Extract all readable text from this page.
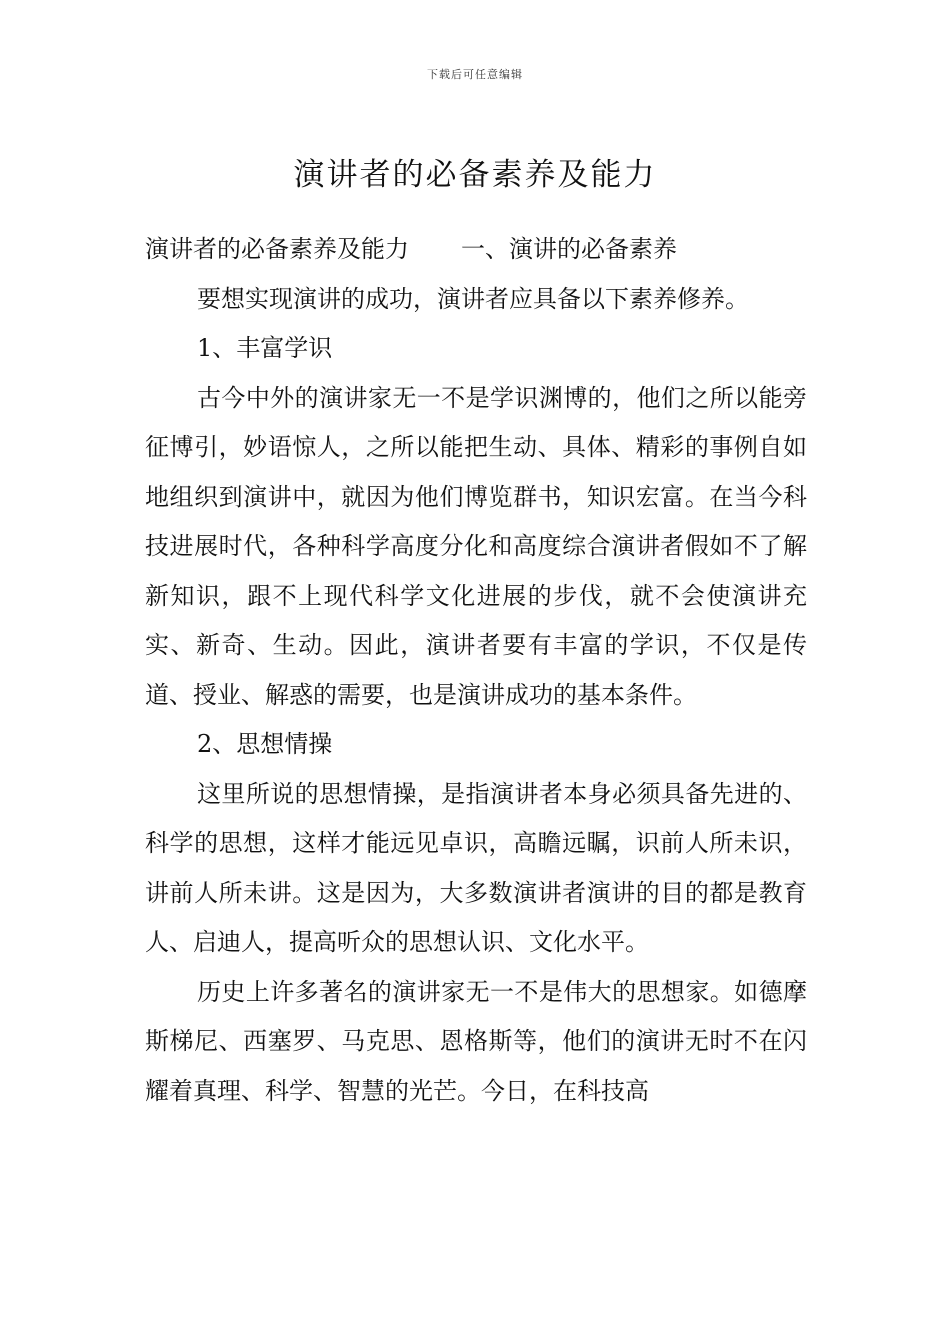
下载后可任意编辑
演讲者的必备素养及能力

演讲者的必备素养及能力 一、演讲的必备素养

要想实现演讲的成功，演讲者应具备以下素养修养。

1、丰富学识

古今中外的演讲家无一不是学识渊博的，他们之所以能旁征博引，妙语惊人，之所以能把生动、具体、精彩的事例自如地组织到演讲中，就因为他们博览群书，知识宏富。在当今科技进展时代，各种科学高度分化和高度综合演讲者假如不了解新知识，跟不上现代科学文化进展的步伐，就不会使演讲充实、新奇、生动。因此，演讲者要有丰富的学识，不仅是传道、授业、解惑的需要，也是演讲成功的基本条件。

2、思想情操

这里所说的思想情操，是指演讲者本身必须具备先进的、科学的思想，这样才能远见卓识，高瞻远瞩，识前人所未识，讲前人所未讲。这是因为，大多数演讲者演讲的目的都是教育人、启迪人，提高听众的思想认识、文化水平。

历史上许多著名的演讲家无一不是伟大的思想家。如德摩斯梯尼、西塞罗、马克思、恩格斯等，他们的演讲无时不在闪耀着真理、科学、智慧的光芒。今日，在科技高
